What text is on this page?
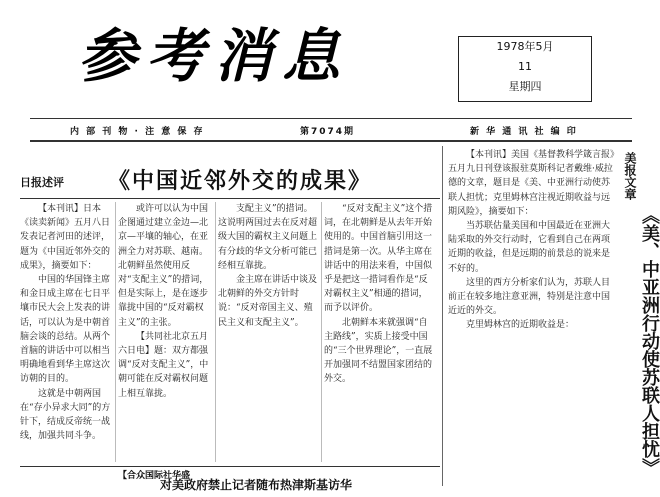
参考消息	1978年5月
11
星期四
内 部 刊 物 · 注 意 保 存	第7074期	新 华 通 讯 社 编 印
日报述评 《中国近邻外交的成果》

【本刊讯】日本《读卖新闻》五月八日发表记者河田的述评，题为《中国近邻外交的成果》，摘要如下：

中国的华国锋主席和金日成主席在七日平壤市民大会上发表的讲话，可以认为是中朝首脑会谈的总结。从两个首脑的讲话中可以相当明确地看到华主席这次访朝的目的。

这就是中朝两国在“存小异求大同”的方针下，结成反帝统一战线，加强共同斗争。

或许可以认为中国企图通过建立金边—北京—平壤的轴心，在亚洲全力对苏联、越南。北朝鲜虽然使用反对“支配主义”的措词，但是实际上，是在逐步靠拢中国的“反对霸权主义”的主张。

【共同社北京五月六日电】题：双方都强调“反对支配主义”，中朝可能在反对霸权问题上相互靠拢。

支配主义”的措词。这说明两国过去在反对超级大国的霸权主义问题上有分歧的华文分析可能已经相互靠拢。

金主席在讲话中谈及北朝鲜的外交方针时说：“反对帝国主义、殖民主义和支配主义”。

“反对支配主义”这个措词，在北朝鲜是从去年开始使用的。中国首脑引用这一措词是第一次。从华主席在讲话中的用法来看，中国似乎是把这一措词看作是“反对霸权主义”相通的措词，而予以评价。

北朝鲜本来就强调“自主路线”，实质上接受中国的“三个世界理论”，一直展开加强同不结盟国家团结的外交。

【本刊讯】美国《基督教科学箴言报》五月九日刊登该报驻莫斯科记者戴维·威拉德的文章，题目是《美、中亚洲行动使苏联人担忧；克里姆林宫注视近期收益与远期风险》，摘要如下：

当苏联估量美国和中国最近在亚洲大陆采取的外交行动时，它看到自己在两项近期的收益，但是远期的前景总的说来是不好的。

这里的西方分析家们认为，苏联人目前正在较多地注意亚洲，特别是注意中国近近的外交。

克里姆林宫的近期收益是：

美报文章
《美、中亚洲行动使苏联人担忧》
【合众国际社华盛
对美政府禁止记者随布热津斯基访华
